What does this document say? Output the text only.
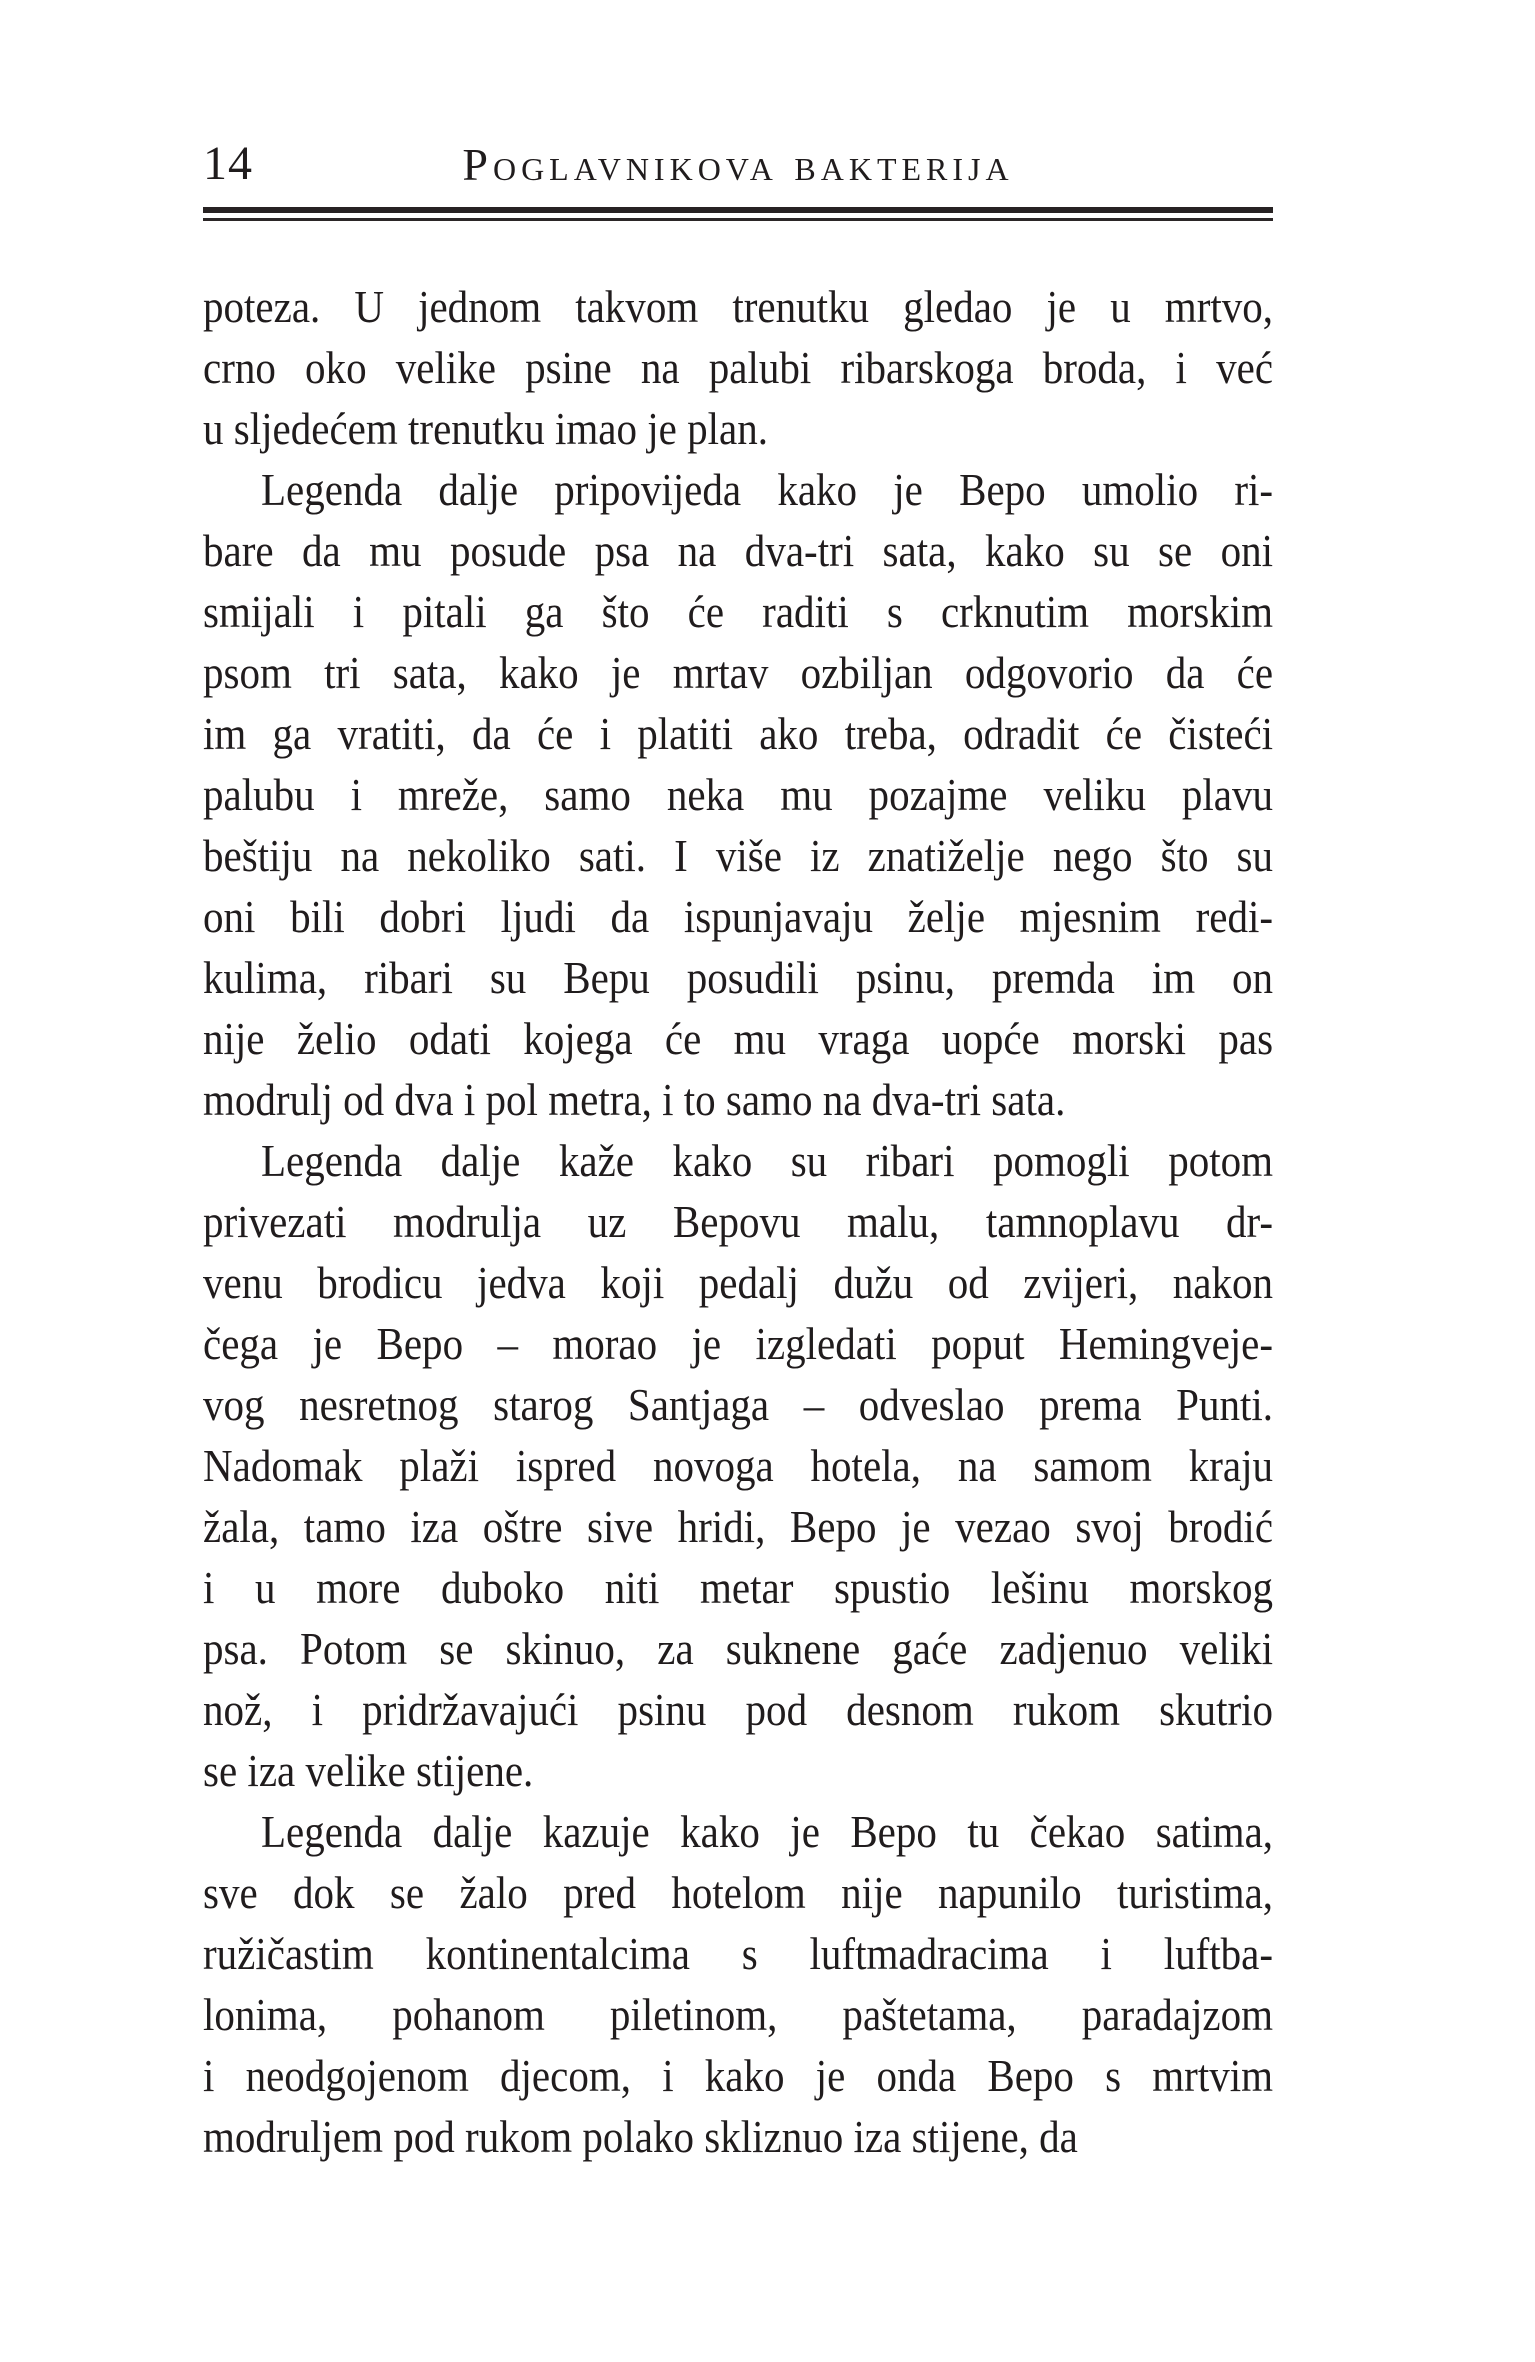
14	Poglavnikova bakterija
poteza. U jednom takvom trenutku gledao je u mrtvo,
crno oko velike psine na palubi ribarskoga broda, i već
u sljedećem trenutku imao je plan.
Legenda dalje pripovijeda kako je Bepo umolio ri-
bare da mu posude psa na dva-tri sata, kako su se oni
smijali i pitali ga što će raditi s crknutim morskim
psom tri sata, kako je mrtav ozbiljan odgovorio da će
im ga vratiti, da će i platiti ako treba, odradit će čisteći
palubu i mreže, samo neka mu pozajme veliku plavu
beštiju na nekoliko sati. I više iz znatiželje nego što su
oni bili dobri ljudi da ispunjavaju želje mjesnim redi-
kulima, ribari su Bepu posudili psinu, premda im on
nije želio odati kojega će mu vraga uopće morski pas
modrulj od dva i pol metra, i to samo na dva-tri sata.
Legenda dalje kaže kako su ribari pomogli potom
privezati modrulja uz Bepovu malu, tamnoplavu dr-
venu brodicu jedva koji pedalj dužu od zvijeri, nakon
čega je Bepo – morao je izgledati poput Hemingveje-
vog nesretnog starog Santjaga – odveslao prema Punti.
Nadomak plaži ispred novoga hotela, na samom kraju
žala, tamo iza oštre sive hridi, Bepo je vezao svoj brodić
i u more duboko niti metar spustio lešinu morskog
psa. Potom se skinuo, za suknene gaće zadjenuo veliki
nož, i pridržavajući psinu pod desnom rukom skutrio
se iza velike stijene.
Legenda dalje kazuje kako je Bepo tu čekao satima,
sve dok se žalo pred hotelom nije napunilo turistima,
ružičastim kontinentalcima s luftmadracima i luftba-
lonima, pohanom piletinom, paštetama, paradajzom
i neodgojenom djecom, i kako je onda Bepo s mrtvim
modruljem pod rukom polako skliznuo iza stijene, da
